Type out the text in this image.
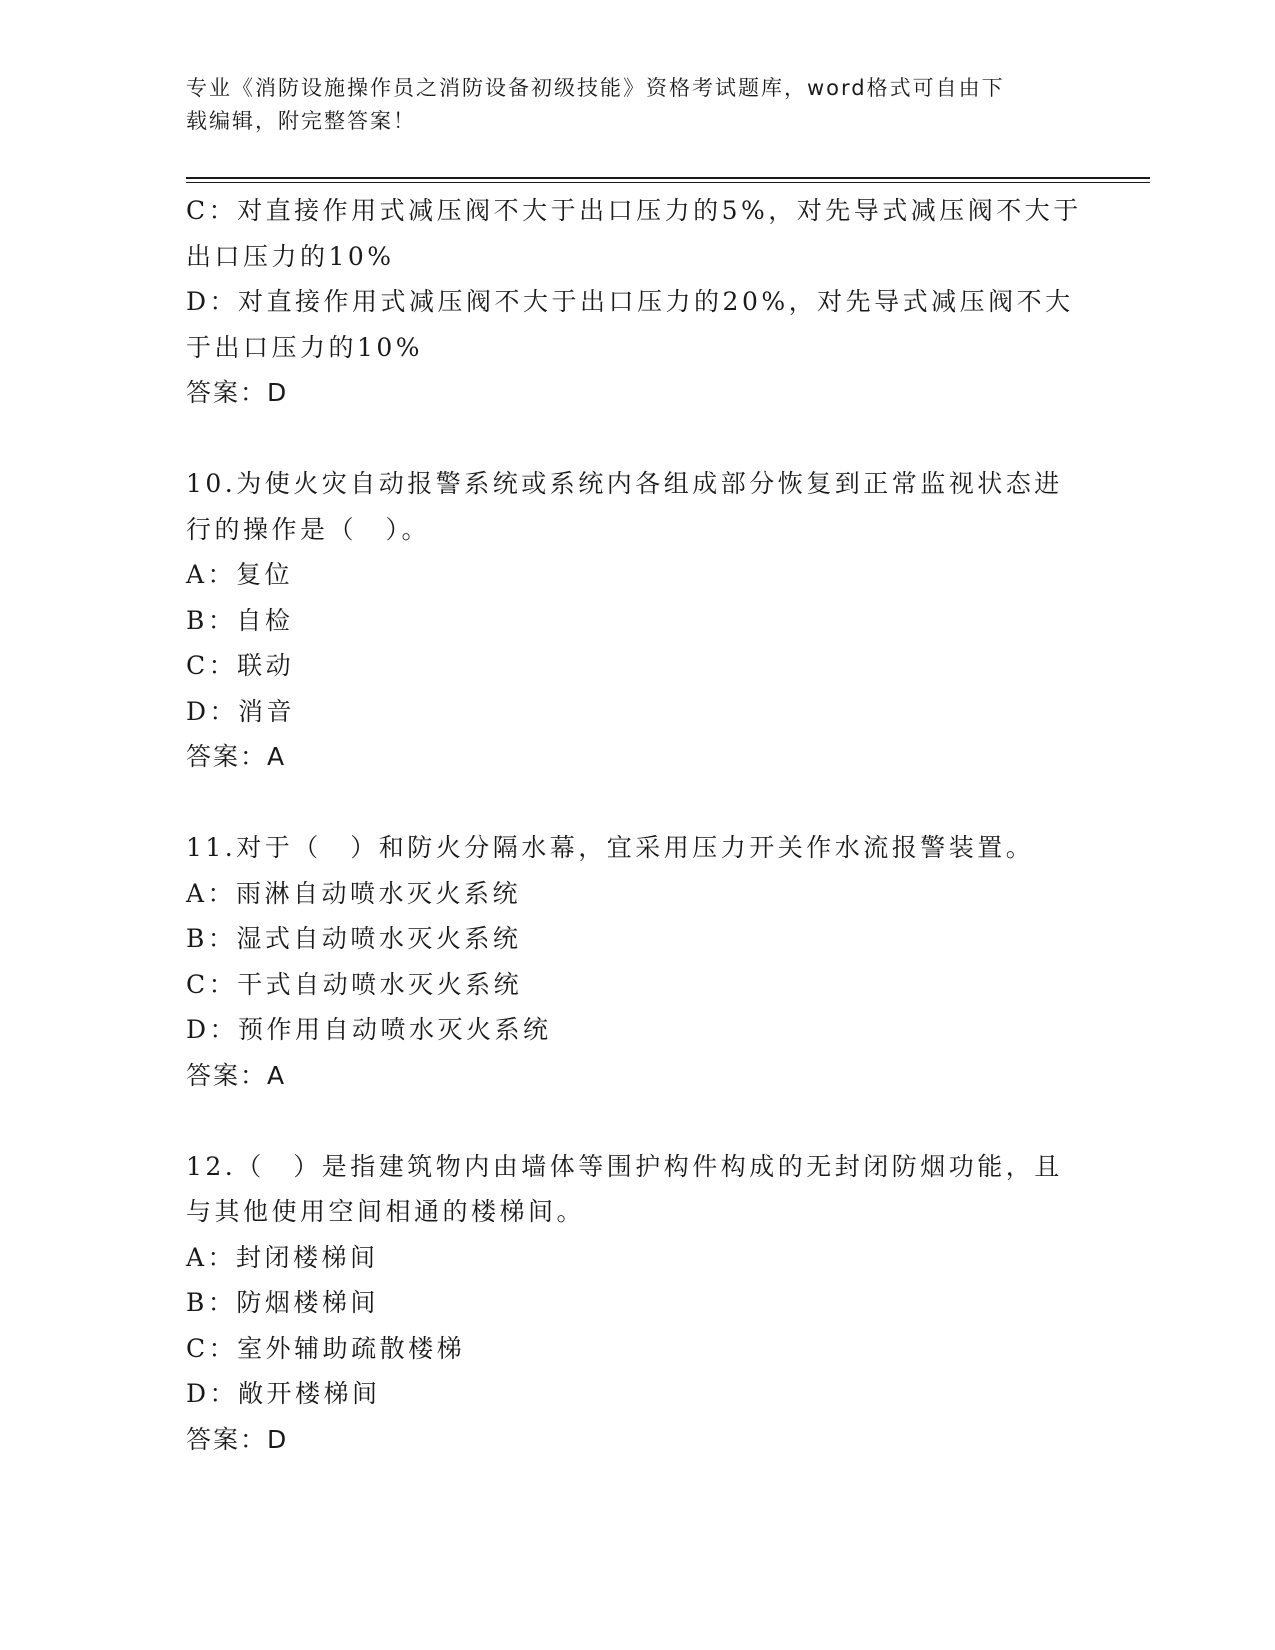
专业《消防设施操作员之消防设备初级技能》资格考试题库，word格式可自由下
载编辑，附完整答案！
C：对直接作用式减压阀不大于出口压力的5%，对先导式减压阀不大于
出口压力的10%
D：对直接作用式减压阀不大于出口压力的20%，对先导式减压阀不大
于出口压力的10%
答案：D
10.为使火灾自动报警系统或系统内各组成部分恢复到正常监视状态进
行的操作是（　）。
A：复位
B：自检
C：联动
D：消音
答案：A
11.对于（　）和防火分隔水幕，宜采用压力开关作水流报警装置。
A：雨淋自动喷水灭火系统
B：湿式自动喷水灭火系统
C：干式自动喷水灭火系统
D：预作用自动喷水灭火系统
答案：A
12.（　）是指建筑物内由墙体等围护构件构成的无封闭防烟功能，且
与其他使用空间相通的楼梯间。
A：封闭楼梯间
B：防烟楼梯间
C：室外辅助疏散楼梯
D：敞开楼梯间
答案：D
